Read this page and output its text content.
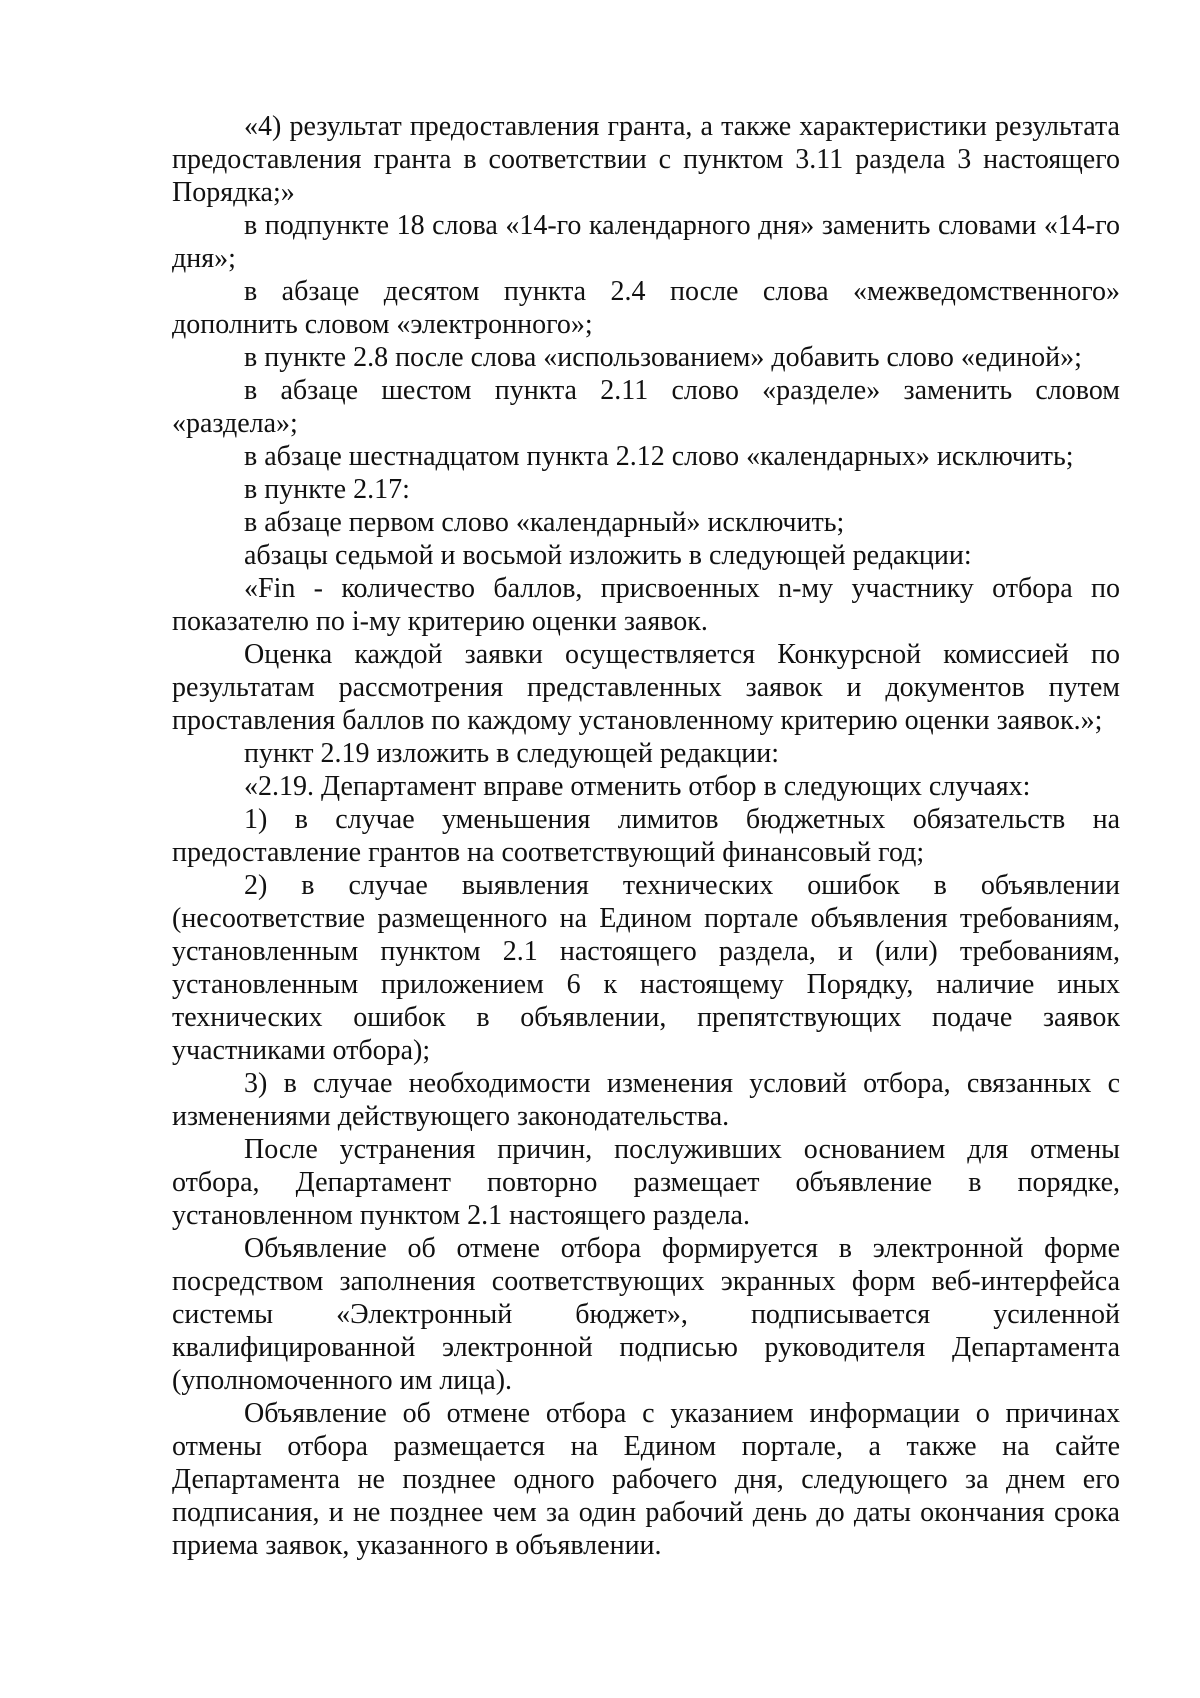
«4) результат предоставления гранта, а также характеристики результата предоставления гранта в соответствии с пунктом 3.11 раздела 3 настоящего Порядка;»

в подпункте 18 слова «14-го календарного дня» заменить словами «14-го дня»;

в абзаце десятом пункта 2.4 после слова «межведомственного» дополнить словом «электронного»;

в пункте 2.8 после слова «использованием» добавить слово «единой»;

в абзаце шестом пункта 2.11 слово «разделе» заменить словом «раздела»;

в абзаце шестнадцатом пункта 2.12 слово «календарных» исключить;

в пункте 2.17:

в абзаце первом слово «календарный» исключить;

абзацы седьмой и восьмой изложить в следующей редакции:

«Fin - количество баллов, присвоенных n-му участнику отбора по показателю по i-му критерию оценки заявок.

Оценка каждой заявки осуществляется Конкурсной комиссией по результатам рассмотрения представленных заявок и документов путем проставления баллов по каждому установленному критерию оценки заявок.»;

пункт 2.19 изложить в следующей редакции:

«2.19. Департамент вправе отменить отбор в следующих случаях:

1) в случае уменьшения лимитов бюджетных обязательств на предоставление грантов на соответствующий финансовый год;

2) в случае выявления технических ошибок в объявлении (несоответствие размещенного на Едином портале объявления требованиям, установленным пунктом 2.1 настоящего раздела, и (или) требованиям, установленным приложением 6 к настоящему Порядку, наличие иных технических ошибок в объявлении, препятствующих подаче заявок участниками отбора);

3) в случае необходимости изменения условий отбора, связанных с изменениями действующего законодательства.

После устранения причин, послуживших основанием для отмены отбора, Департамент повторно размещает объявление в порядке, установленном пунктом 2.1 настоящего раздела.

Объявление об отмене отбора формируется в электронной форме посредством заполнения соответствующих экранных форм веб-интерфейса системы «Электронный бюджет», подписывается усиленной квалифицированной электронной подписью руководителя Департамента (уполномоченного им лица).

Объявление об отмене отбора с указанием информации о причинах отмены отбора размещается на Едином портале, а также на сайте Департамента не позднее одного рабочего дня, следующего за днем его подписания, и не позднее чем за один рабочий день до даты окончания срока приема заявок, указанного в объявлении.
